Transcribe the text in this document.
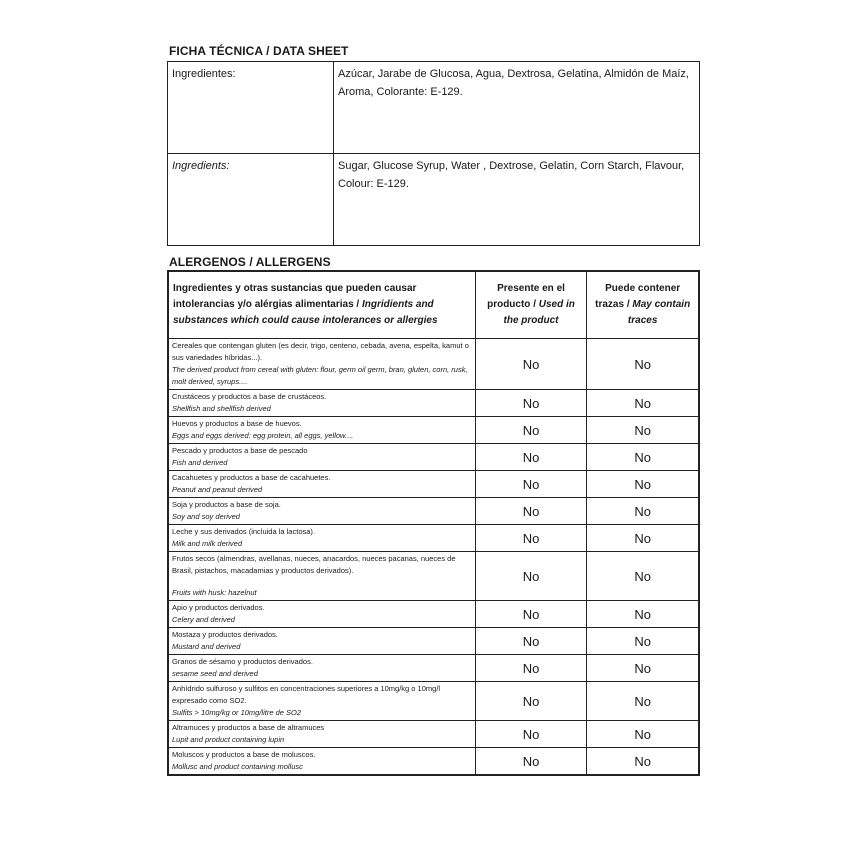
FICHA TÉCNICA / DATA SHEET
Ingredientes:	Azúcar, Jarabe de Glucosa, Agua, Dextrosa, Gelatina, Almidón de Maíz, Aroma, Colorante: E-129.
Ingredients:	Sugar, Glucose Syrup, Water , Dextrose, Gelatin, Corn Starch, Flavour, Colour: E-129.
ALERGENOS / ALLERGENS
Ingredientes y otras sustancias que pueden causar intolerancias y/o alérgias alimentarias / Ingridients and substances which could cause intolerances or allergies	Presente en el producto / Used in the product	Puede contener trazas / May contain traces

Cereales que contengan gluten (es decir, trigo, centeno, cebada, avena, espelta, kamut o sus variedades híbridas...).
The derived product from cereal with gluten: flour, germ oil germ, bran, gluten, corn, rusk, molt derived, syrups....	No	No

Crustáceos y productos a base de crustáceos.
Shellfish and shellfish derived	No	No

Huevos y productos a base de huevos.
Eggs and eggs derived: egg protein, all eggs, yellow....	No	No

Pescado y productos a base de pescado
Fish and derived	No	No

Cacahuetes y productos a base de cacahuetes.
Peanut and peanut derived	No	No

Soja y productos a base de soja.
Soy and soy derived	No	No

Leche y sus derivados (incluida la lactosa).
Milk and milk derived	No	No

Frutos secos (almendras, avellanas, nueces, anacardos, nueces pacanas, nueces de Brasil, pistachos, macadamias y productos derivados).
Fruits with husk: hazelnut	No	No

Apio y productos derivados.
Celery and derived	No	No

Mostaza y productos derivados.
Mustard and derived	No	No

Granos de sésamo y productos derivados.
sesame seed and derived	No	No

Anhídrido sulfuroso y sulfitos en concentraciones superiores a 10mg/kg o 10mg/l expresado como SO2.
Sulfits > 10mg/kg or 10mg/litre de SO2	No	No

Altramuces y productos a base de altramuces
Lupit and product containing lupin	No	No

Moluscos y productos a base de moluscos.
Mollusc and product containing mollusc	No	No
